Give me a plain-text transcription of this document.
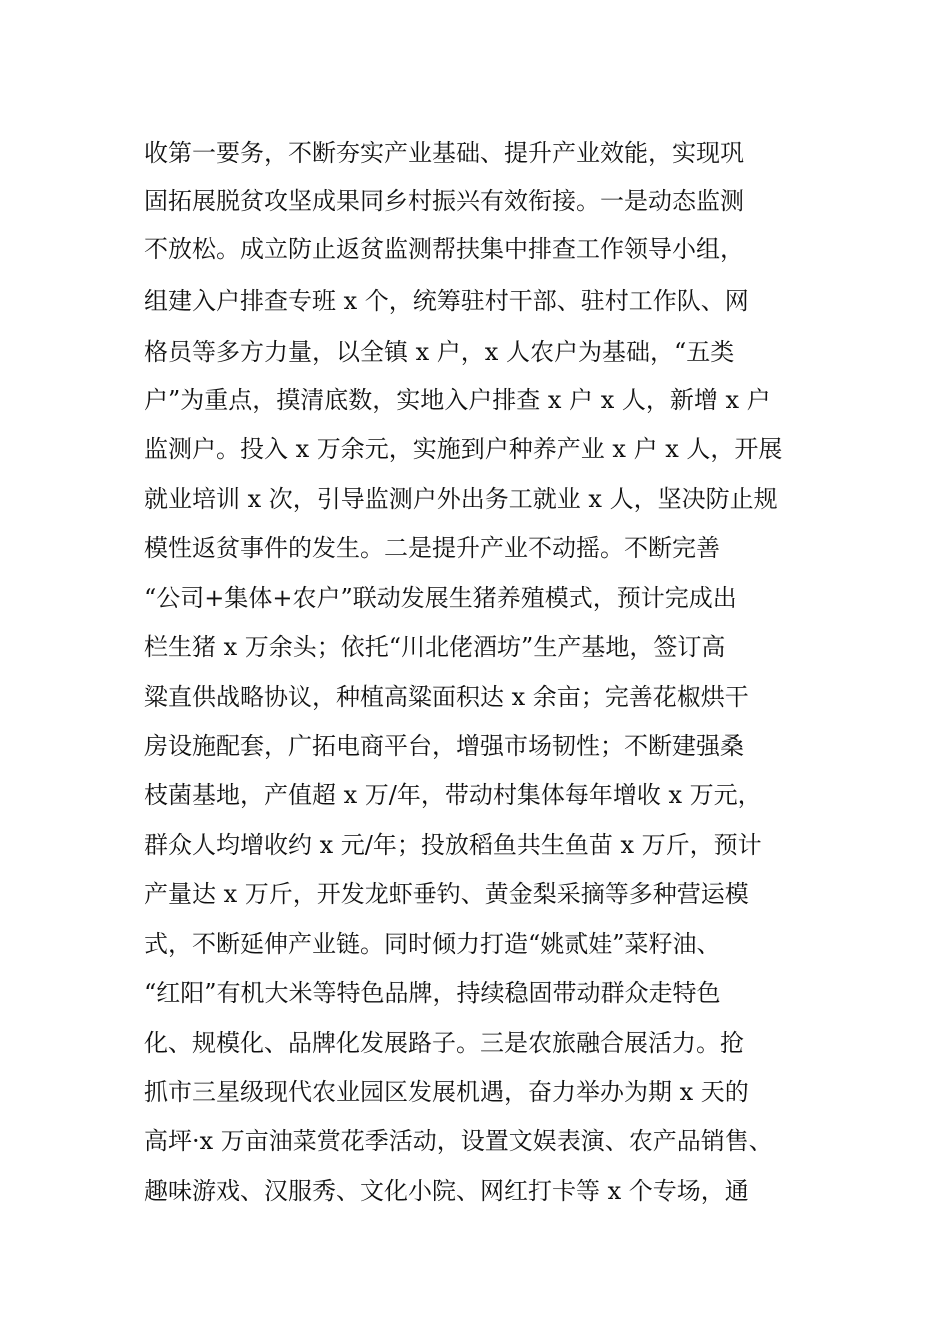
收第一要务，不断夯实产业基础、提升产业效能，实现巩
固拓展脱贫攻坚成果同乡村振兴有效衔接。一是动态监测
不放松。成立防止返贫监测帮扶集中排查工作领导小组，
组建入户排查专班 x 个，统筹驻村干部、驻村工作队、网
格员等多方力量，以全镇 x 户，x 人农户为基础，“五类
户”为重点，摸清底数，实地入户排查 x 户 x 人，新增 x 户
监测户。投入 x 万余元，实施到户种养产业 x 户 x 人，开展
就业培训 x 次，引导监测户外出务工就业 x 人，坚决防止规
模性返贫事件的发生。二是提升产业不动摇。不断完善
“公司+集体+农户”联动发展生猪养殖模式，预计完成出
栏生猪 x 万余头；依托“川北佬酒坊”生产基地，签订高
粱直供战略协议，种植高粱面积达 x 余亩；完善花椒烘干
房设施配套，广拓电商平台，增强市场韧性；不断建强桑
枝菌基地，产值超 x 万/年，带动村集体每年增收 x 万元，
群众人均增收约 x 元/年；投放稻鱼共生鱼苗 x 万斤，预计
产量达 x 万斤，开发龙虾垂钓、黄金梨采摘等多种营运模
式，不断延伸产业链。同时倾力打造“姚贰娃”菜籽油、
“红阳”有机大米等特色品牌，持续稳固带动群众走特色
化、规模化、品牌化发展路子。三是农旅融合展活力。抢
抓市三星级现代农业园区发展机遇，奋力举办为期 x 天的
高坪·x 万亩油菜赏花季活动，设置文娱表演、农产品销售、
趣味游戏、汉服秀、文化小院、网红打卡等 x 个专场，通
